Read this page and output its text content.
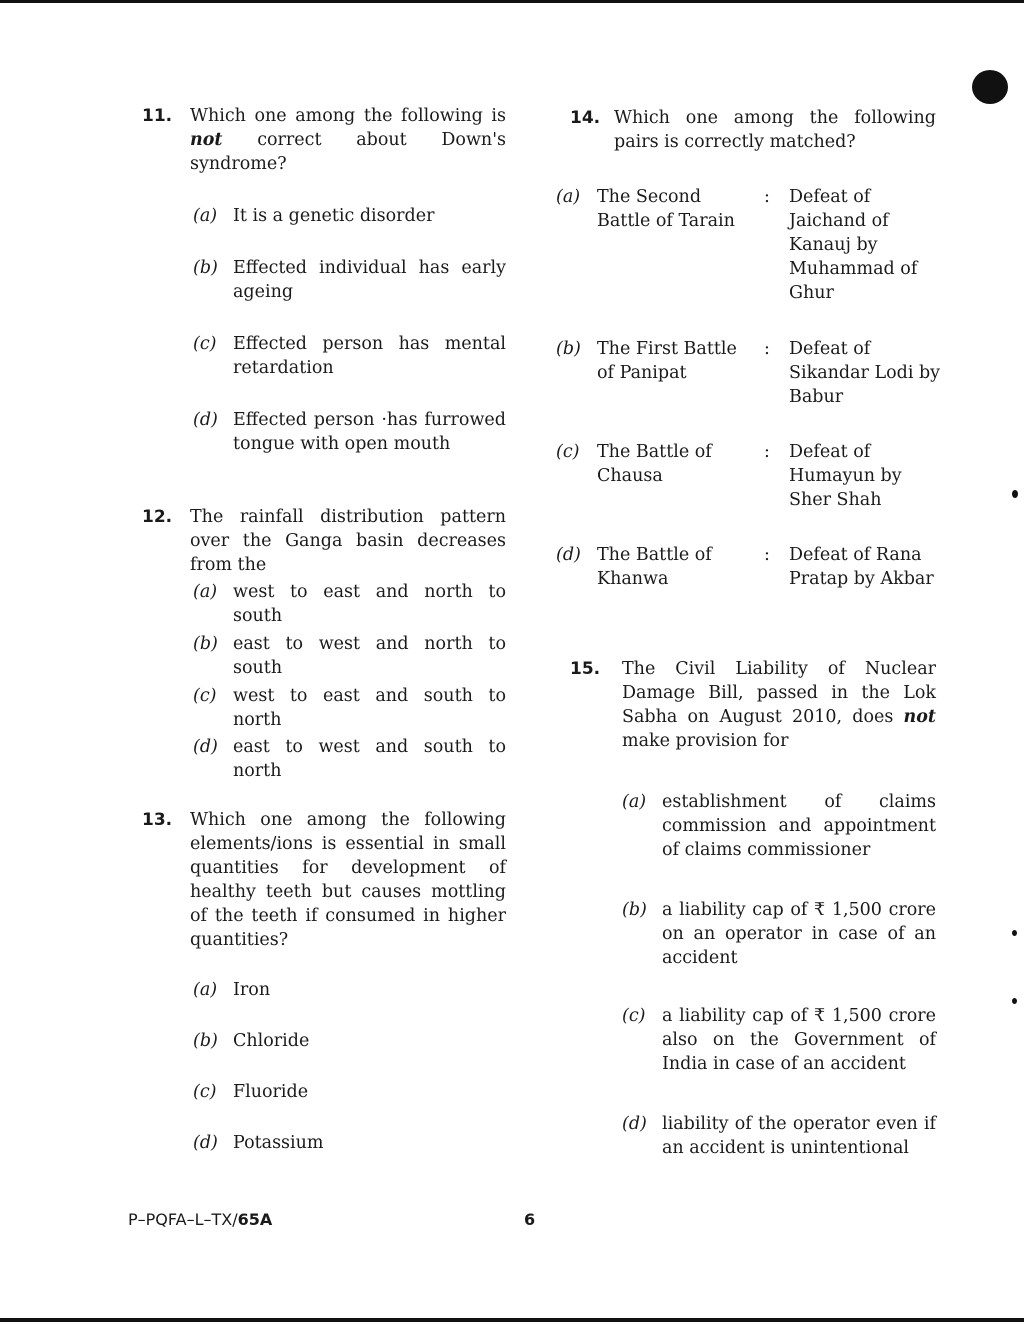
11. Which one among the following is not correct about Down's syndrome?
(a) It is a genetic disorder
(b) Effected individual has early ageing
(c) Effected person has mental retardation
(d) Effected person ·has furrowed tongue with open mouth
12. The rainfall distribution pattern over the Ganga basin decreases from the
(a) west to east and north to south
(b) east to west and north to south
(c) west to east and south to north
(d) east to west and south to north
13. Which one among the following elements/ions is essential in small quantities for development of healthy teeth but causes mottling of the teeth if consumed in higher quantities?
(a) Iron
(b) Chloride
(c) Fluoride
(d) Potassium
14. Which one among the following pairs is correctly matched?
(a) The Second Battle of Tarain
: Defeat of Jaichand of Kanauj by Muhammad of Ghur
(b) The First Battle of Panipat
: Defeat of Sikandar Lodi by Babur
(c) The Battle of Chausa
: Defeat of Humayun by Sher Shah
(d) The Battle of Khanwa
: Defeat of Rana Pratap by Akbar
15. The Civil Liability of Nuclear Damage Bill, passed in the Lok Sabha on August 2010, does not make provision for
(a) establishment of claims commission and appointment of claims commissioner
(b) a liability cap of ₹ 1,500 crore on an operator in case of an accident
(c) a liability cap of ₹ 1,500 crore also on the Government of India in case of an accident
(d) liability of the operator even if an accident is unintentional
P–PQFA–L–TX/65A	6
